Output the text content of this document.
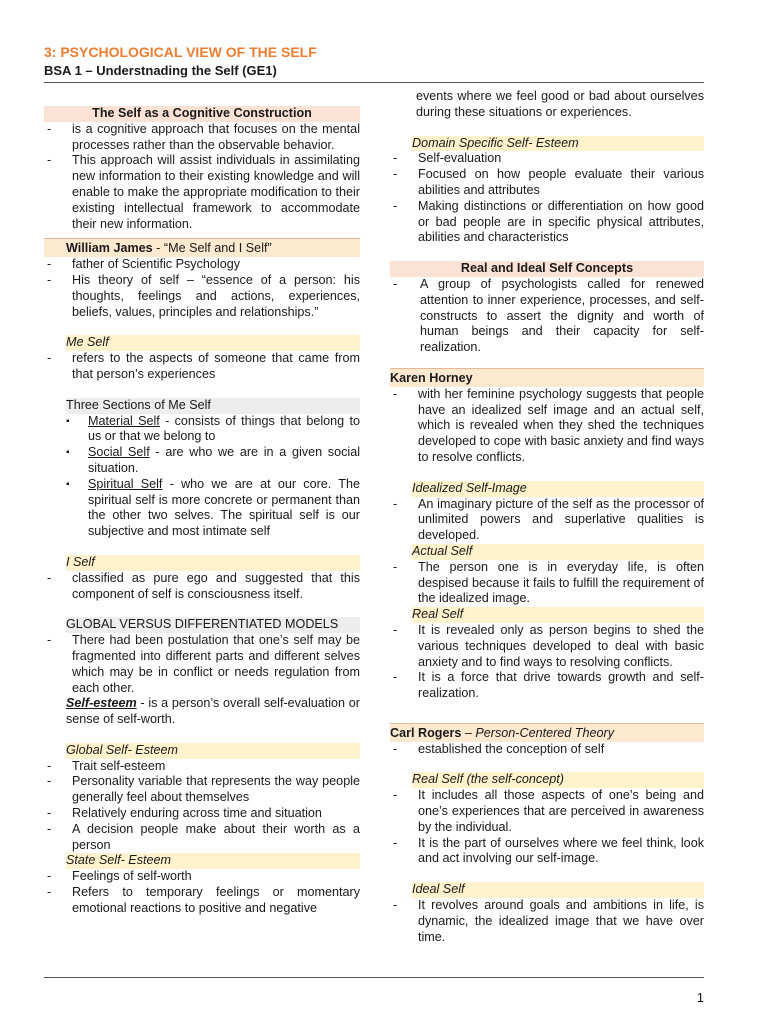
3: PSYCHOLOGICAL VIEW OF THE SELF
BSA 1 – Understnading the Self (GE1)
The Self as a Cognitive Construction
- is a cognitive approach that focuses on the mental processes rather than the observable behavior.
- This approach will assist individuals in assimilating new information to their existing knowledge and will enable to make the appropriate modification to their existing intellectual framework to accommodate their new information.
William James - “Me Self and I Self”
- father of Scientific Psychology
- His theory of self – “essence of a person: his thoughts, feelings and actions, experiences, beliefs, values, principles and relationships.”
Me Self
- refers to the aspects of someone that came from that person’s experiences
Three Sections of Me Self
▪ Material Self - consists of things that belong to us or that we belong to
▪ Social Self - are who we are in a given social situation.
▪ Spiritual Self - who we are at our core. The spiritual self is more concrete or permanent than the other two selves. The spiritual self is our subjective and most intimate self
I Self
- classified as pure ego and suggested that this component of self is consciousness itself.
GLOBAL VERSUS DIFFERENTIATED MODELS
- There had been postulation that one’s self may be fragmented into different parts and different selves which may be in conflict or needs regulation from each other.
Self-esteem - is a person’s overall self-evaluation or sense of self-worth.
Global Self- Esteem
- Trait self-esteem
- Personality variable that represents the way people generally feel about themselves
- Relatively enduring across time and situation
- A decision people make about their worth as a person
State Self- Esteem
- Feelings of self-worth
- Refers to temporary feelings or momentary emotional reactions to positive and negative
events where we feel good or bad about ourselves during these situations or experiences.
Domain Specific Self- Esteem
- Self-evaluation
- Focused on how people evaluate their various abilities and attributes
- Making distinctions or differentiation on how good or bad people are in specific physical attributes, abilities and characteristics
Real and Ideal Self Concepts
- A group of psychologists called for renewed attention to inner experience, processes, and self-constructs to assert the dignity and worth of human beings and their capacity for self-realization.
Karen Horney
- with her feminine psychology suggests that people have an idealized self image and an actual self, which is revealed when they shed the techniques developed to cope with basic anxiety and find ways to resolve conflicts.
Idealized Self-Image
- An imaginary picture of the self as the processor of unlimited powers and superlative qualities is developed.
Actual Self
- The person one is in everyday life, is often despised because it fails to fulfill the requirement of the idealized image.
Real Self
- It is revealed only as person begins to shed the various techniques developed to deal with basic anxiety and to find ways to resolving conflicts.
- It is a force that drive towards growth and self-realization.
Carl Rogers – Person-Centered Theory
- established the conception of self
Real Self (the self-concept)
- It includes all those aspects of one’s being and one’s experiences that are perceived in awareness by the individual.
- It is the part of ourselves where we feel think, look and act involving our self-image.
Ideal Self
- It revolves around goals and ambitions in life, is dynamic, the idealized image that we have over time.
1
